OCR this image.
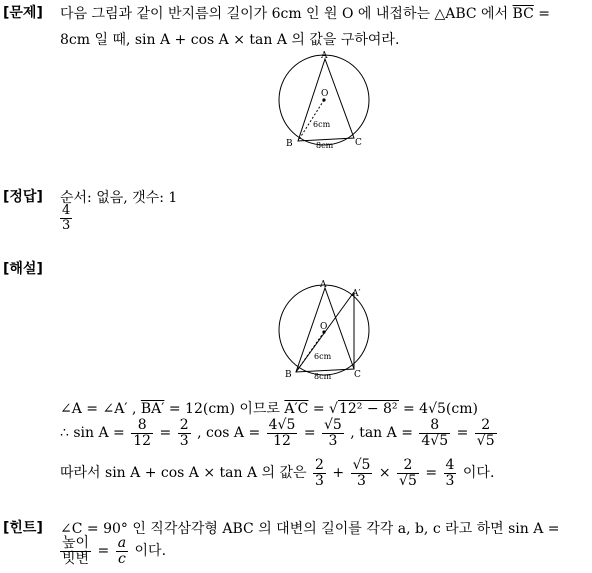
[문제] 다음 그림과 같이 반지름의 길이가 6cm 인 원 O 에 내접하는 △ABC 에서 $\overline{BC}$ =
8cm 일 때, sin A + cos A × tan A 의 값을 구하여라.
A
O
6cm
B	8cm C
[정답] 순서: 없음, 갯수: 1
$\frac{4}{3}$
[해설]
A
A′
O
6cm
B	8cm	C
∠A = ∠A′ , BA′ = 12(cm) 이므로 A′C = √12² − 8² = 4√5(cm)
∴ $\sin A = \frac{8}{12} = \frac{2}{3}$ , $\cos A = \frac{4√5}{12} = \frac{√5}{3}$ , $\tan A = \frac{8}{4√5} = \frac{2}{√5}$
따라서 sin A + cos A × tan A 의 값은 $\frac{2}{3} + \frac{√5}{3} \times \frac{2}{√5} = \frac{4}{3}$ 이다.
[힌트] ∠C = 90° 인 직각삼각형 ABC 의 대변의 길이를 각각 a, b, c 라고 하면 sin A =
$\frac{\text{높이}}{\text{빗변}} = \frac{a}{c}$ 이다.
